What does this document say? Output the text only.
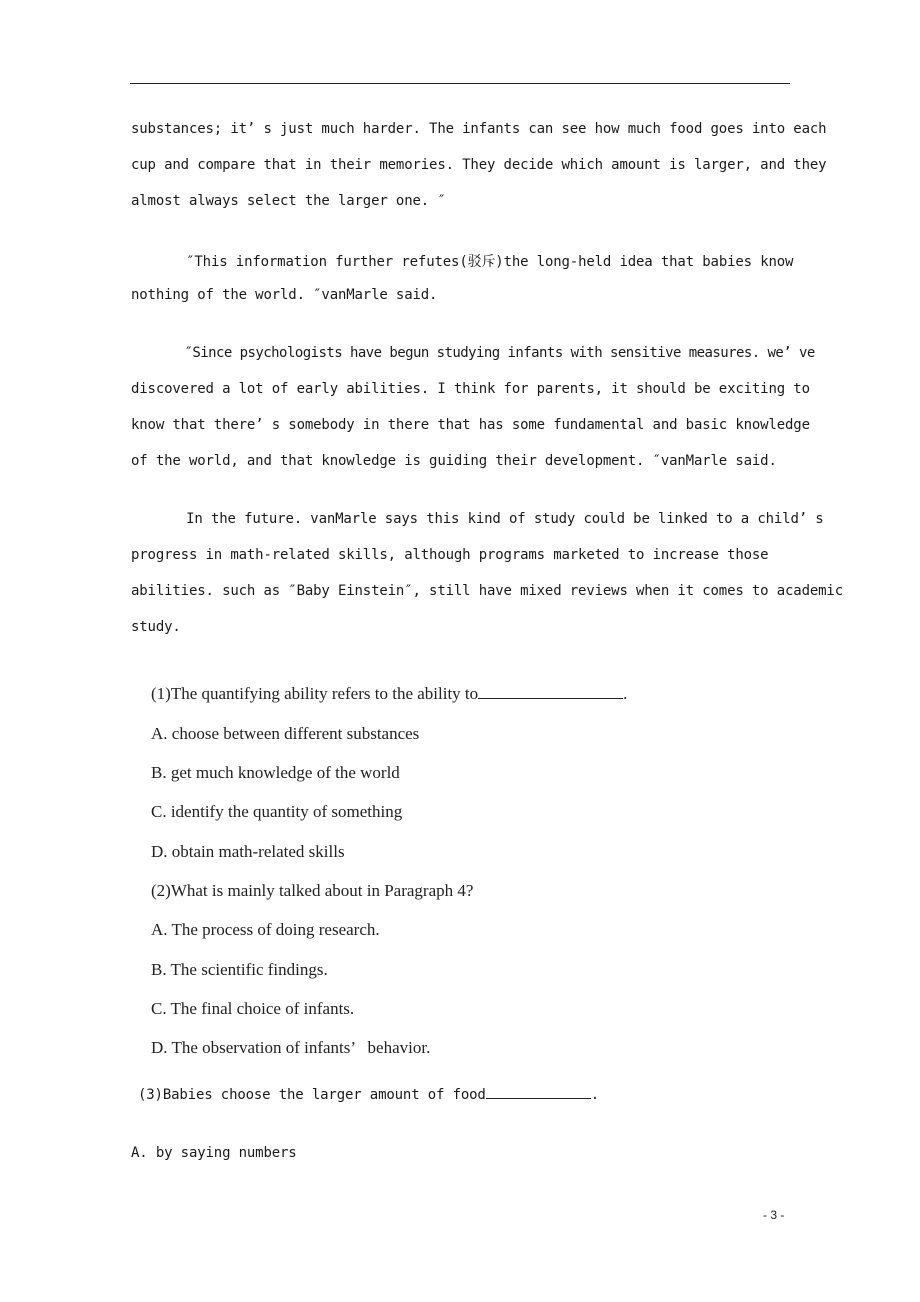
substances; it’ s just much harder. The infants can see how much food goes into each
cup and compare that in their memories. They decide which amount is larger, and they
almost always select the larger one. ″
″This information further refutes(驳斥)the long-held idea that babies know
nothing of the world. ″vanMarle said.
″Since psychologists have begun studying infants with sensitive measures. we’ ve
discovered a lot of early abilities. I think for parents, it should be exciting to
know that there’ s somebody in there that has some fundamental and basic knowledge
of the world, and that knowledge is guiding their development. ″vanMarle said.
In the future. vanMarle says this kind of study could be linked to a child’ s
progress in math-related skills, although programs marketed to increase those
abilities. such as ″Baby Einstein″, still have mixed reviews when it comes to academic
study.
(1)The quantifying ability refers to the ability to	.
A. choose between different substances
B. get much knowledge of the world
C. identify the quantity of something
D. obtain math-related skills
(2)What is mainly talked about in Paragraph 4?
A. The process of doing research.
B. The scientific findings.
C. The final choice of infants.
D. The observation of infants’   behavior.
(3)Babies choose the larger amount of food	.
A. by saying numbers
- 3 -
